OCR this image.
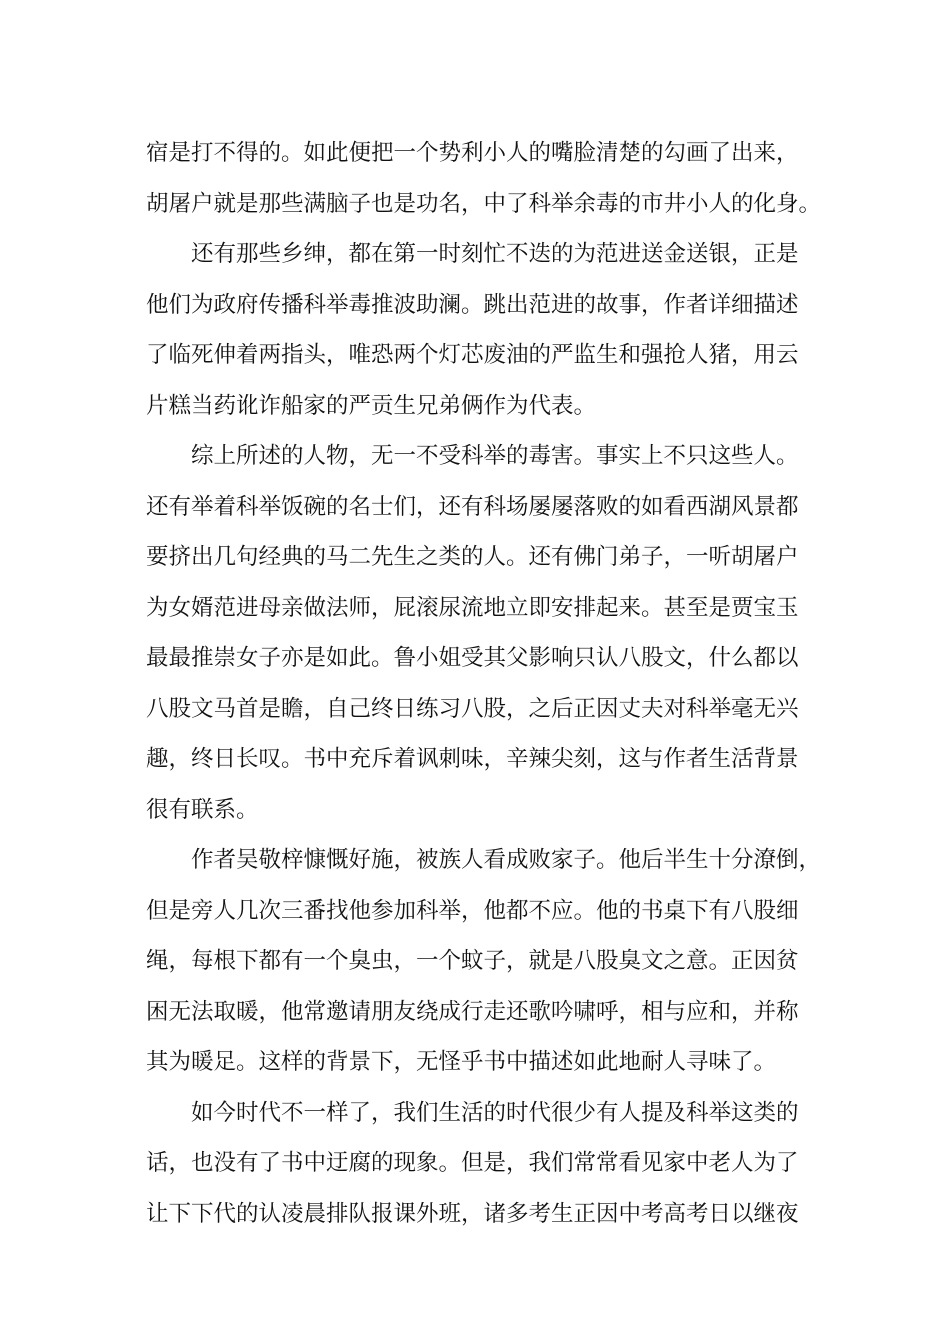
宿是打不得的。如此便把一个势利小人的嘴脸清楚的勾画了出来，
胡屠户就是那些满脑子也是功名，中了科举余毒的市井小人的化身。
还有那些乡绅，都在第一时刻忙不迭的为范进送金送银，正是
他们为政府传播科举毒推波助澜。跳出范进的故事，作者详细描述
了临死伸着两指头，唯恐两个灯芯废油的严监生和强抢人猪，用云
片糕当药讹诈船家的严贡生兄弟俩作为代表。
综上所述的人物，无一不受科举的毒害。事实上不只这些人。
还有举着科举饭碗的名士们，还有科场屡屡落败的如看西湖风景都
要挤出几句经典的马二先生之类的人。还有佛门弟子，一听胡屠户
为女婿范进母亲做法师，屁滚尿流地立即安排起来。甚至是贾宝玉
最最推崇女子亦是如此。鲁小姐受其父影响只认八股文，什么都以
八股文马首是瞻，自己终日练习八股，之后正因丈夫对科举毫无兴
趣，终日长叹。书中充斥着讽刺味，辛辣尖刻，这与作者生活背景
很有联系。
作者吴敬梓慷慨好施，被族人看成败家子。他后半生十分潦倒，
但是旁人几次三番找他参加科举，他都不应。他的书桌下有八股细
绳，每根下都有一个臭虫，一个蚊子，就是八股臭文之意。正因贫
困无法取暖，他常邀请朋友绕成行走还歌吟啸呼，相与应和，并称
其为暖足。这样的背景下，无怪乎书中描述如此地耐人寻味了。
如今时代不一样了，我们生活的时代很少有人提及科举这类的
话，也没有了书中迂腐的现象。但是，我们常常看见家中老人为了
让下下代的认凌晨排队报课外班，诸多考生正因中考高考日以继夜
